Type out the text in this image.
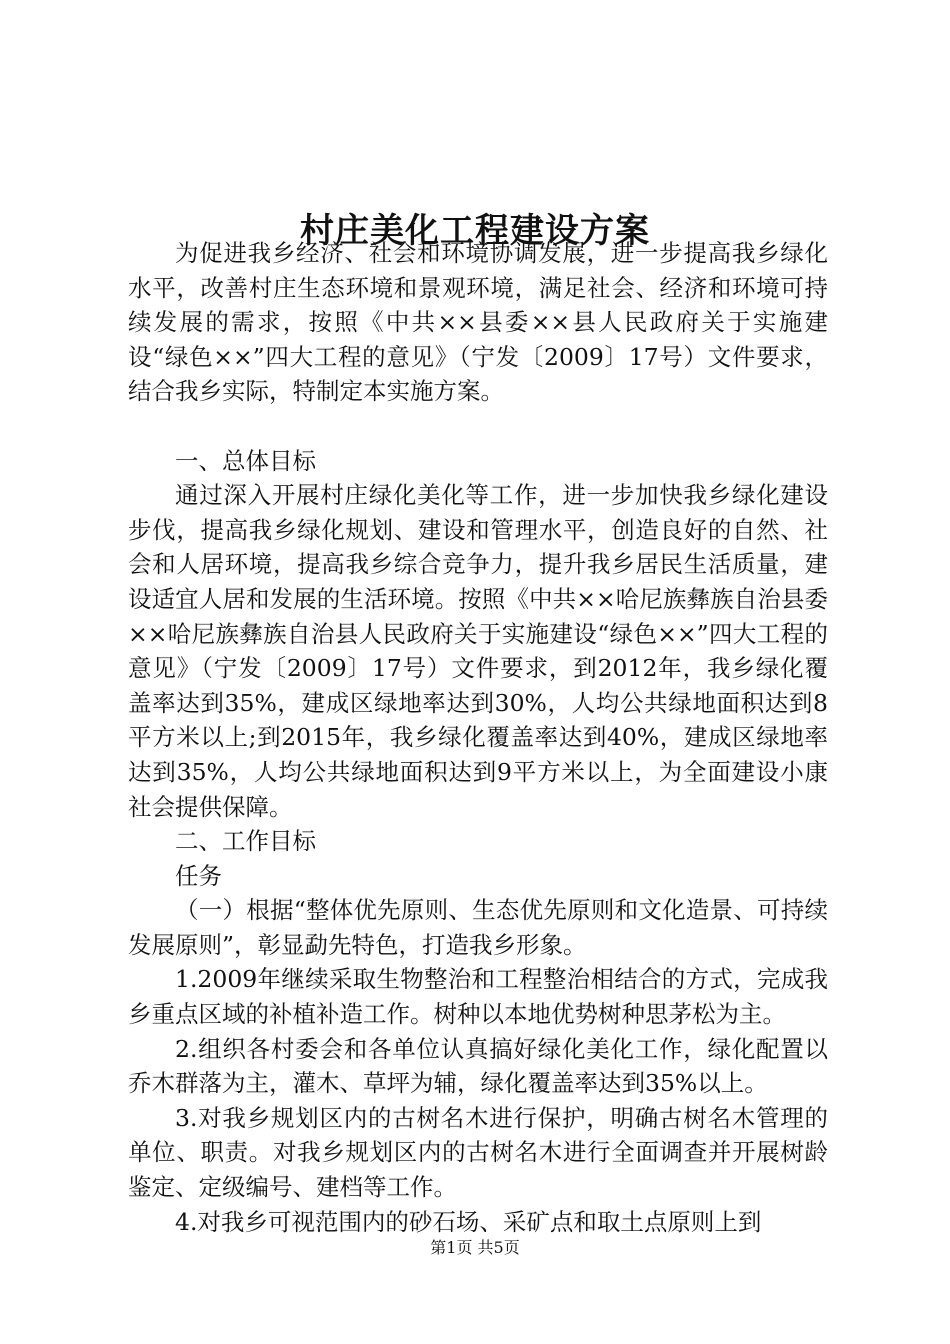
村庄美化工程建设方案

为促进我乡经济、社会和环境协调发展，进一步提高我乡绿化水平，改善村庄生态环境和景观环境，满足社会、经济和环境可持续发展的需求，按照《中共××县委××县人民政府关于实施建设“绿色××”四大工程的意见》（宁发〔2009〕17号）文件要求，结合我乡实际，特制定本实施方案。

一、总体目标

通过深入开展村庄绿化美化等工作，进一步加快我乡绿化建设步伐，提高我乡绿化规划、建设和管理水平，创造良好的自然、社会和人居环境，提高我乡综合竞争力，提升我乡居民生活质量，建设适宜人居和发展的生活环境。按照《中共××哈尼族彝族自治县委××哈尼族彝族自治县人民政府关于实施建设“绿色××”四大工程的意见》（宁发〔2009〕17号）文件要求，到2012年，我乡绿化覆盖率达到35%，建成区绿地率达到30%，人均公共绿地面积达到8平方米以上;到2015年，我乡绿化覆盖率达到40%，建成区绿地率达到35%，人均公共绿地面积达到9平方米以上，为全面建设小康社会提供保障。

二、工作目标

任务

（一）根据“整体优先原则、生态优先原则和文化造景、可持续发展原则”，彰显勐先特色，打造我乡形象。

1.2009年继续采取生物整治和工程整治相结合的方式，完成我乡重点区域的补植补造工作。树种以本地优势树种思茅松为主。

2.组织各村委会和各单位认真搞好绿化美化工作，绿化配置以乔木群落为主，灌木、草坪为辅，绿化覆盖率达到35%以上。

3.对我乡规划区内的古树名木进行保护，明确古树名木管理的单位、职责。对我乡规划区内的古树名木进行全面调查并开展树龄鉴定、定级编号、建档等工作。

4.对我乡可视范围内的砂石场、采矿点和取土点原则上到

第1页 共5页
